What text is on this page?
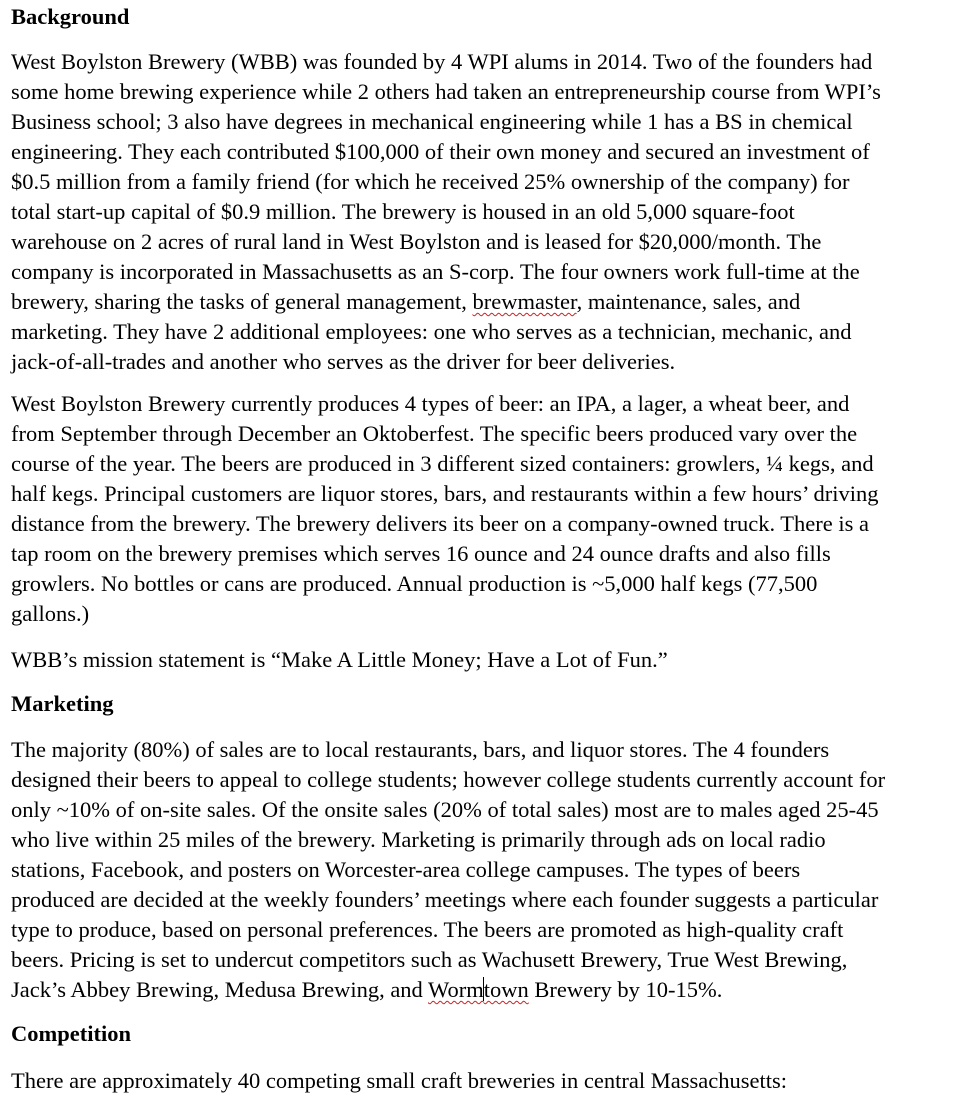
Background

West Boylston Brewery (WBB) was founded by 4 WPI alums in 2014. Two of the founders had
some home brewing experience while 2 others had taken an entrepreneurship course from WPI’s
Business school; 3 also have degrees in mechanical engineering while 1 has a BS in chemical
engineering. They each contributed $100,000 of their own money and secured an investment of
$0.5 million from a family friend (for which he received 25% ownership of the company) for
total start-up capital of $0.9 million. The brewery is housed in an old 5,000 square-foot
warehouse on 2 acres of rural land in West Boylston and is leased for $20,000/month. The
company is incorporated in Massachusetts as an S-corp. The four owners work full-time at the
brewery, sharing the tasks of general management, brewmaster, maintenance, sales, and
marketing. They have 2 additional employees: one who serves as a technician, mechanic, and
jack-of-all-trades and another who serves as the driver for beer deliveries.

West Boylston Brewery currently produces 4 types of beer: an IPA, a lager, a wheat beer, and
from September through December an Oktoberfest. The specific beers produced vary over the
course of the year. The beers are produced in 3 different sized containers: growlers, ¼ kegs, and
half kegs. Principal customers are liquor stores, bars, and restaurants within a few hours’ driving
distance from the brewery. The brewery delivers its beer on a company-owned truck. There is a
tap room on the brewery premises which serves 16 ounce and 24 ounce drafts and also fills
growlers. No bottles or cans are produced. Annual production is ~5,000 half kegs (77,500
gallons.)

WBB’s mission statement is “Make A Little Money; Have a Lot of Fun.”

Marketing

The majority (80%) of sales are to local restaurants, bars, and liquor stores. The 4 founders
designed their beers to appeal to college students; however college students currently account for
only ~10% of on-site sales. Of the onsite sales (20% of total sales) most are to males aged 25-45
who live within 25 miles of the brewery. Marketing is primarily through ads on local radio
stations, Facebook, and posters on Worcester-area college campuses. The types of beers
produced are decided at the weekly founders’ meetings where each founder suggests a particular
type to produce, based on personal preferences. The beers are promoted as high-quality craft
beers. Pricing is set to undercut competitors such as Wachusett Brewery, True West Brewing,
Jack’s Abbey Brewing, Medusa Brewing, and Wormtown Brewery by 10-15%.

Competition

There are approximately 40 competing small craft breweries in central Massachusetts:
